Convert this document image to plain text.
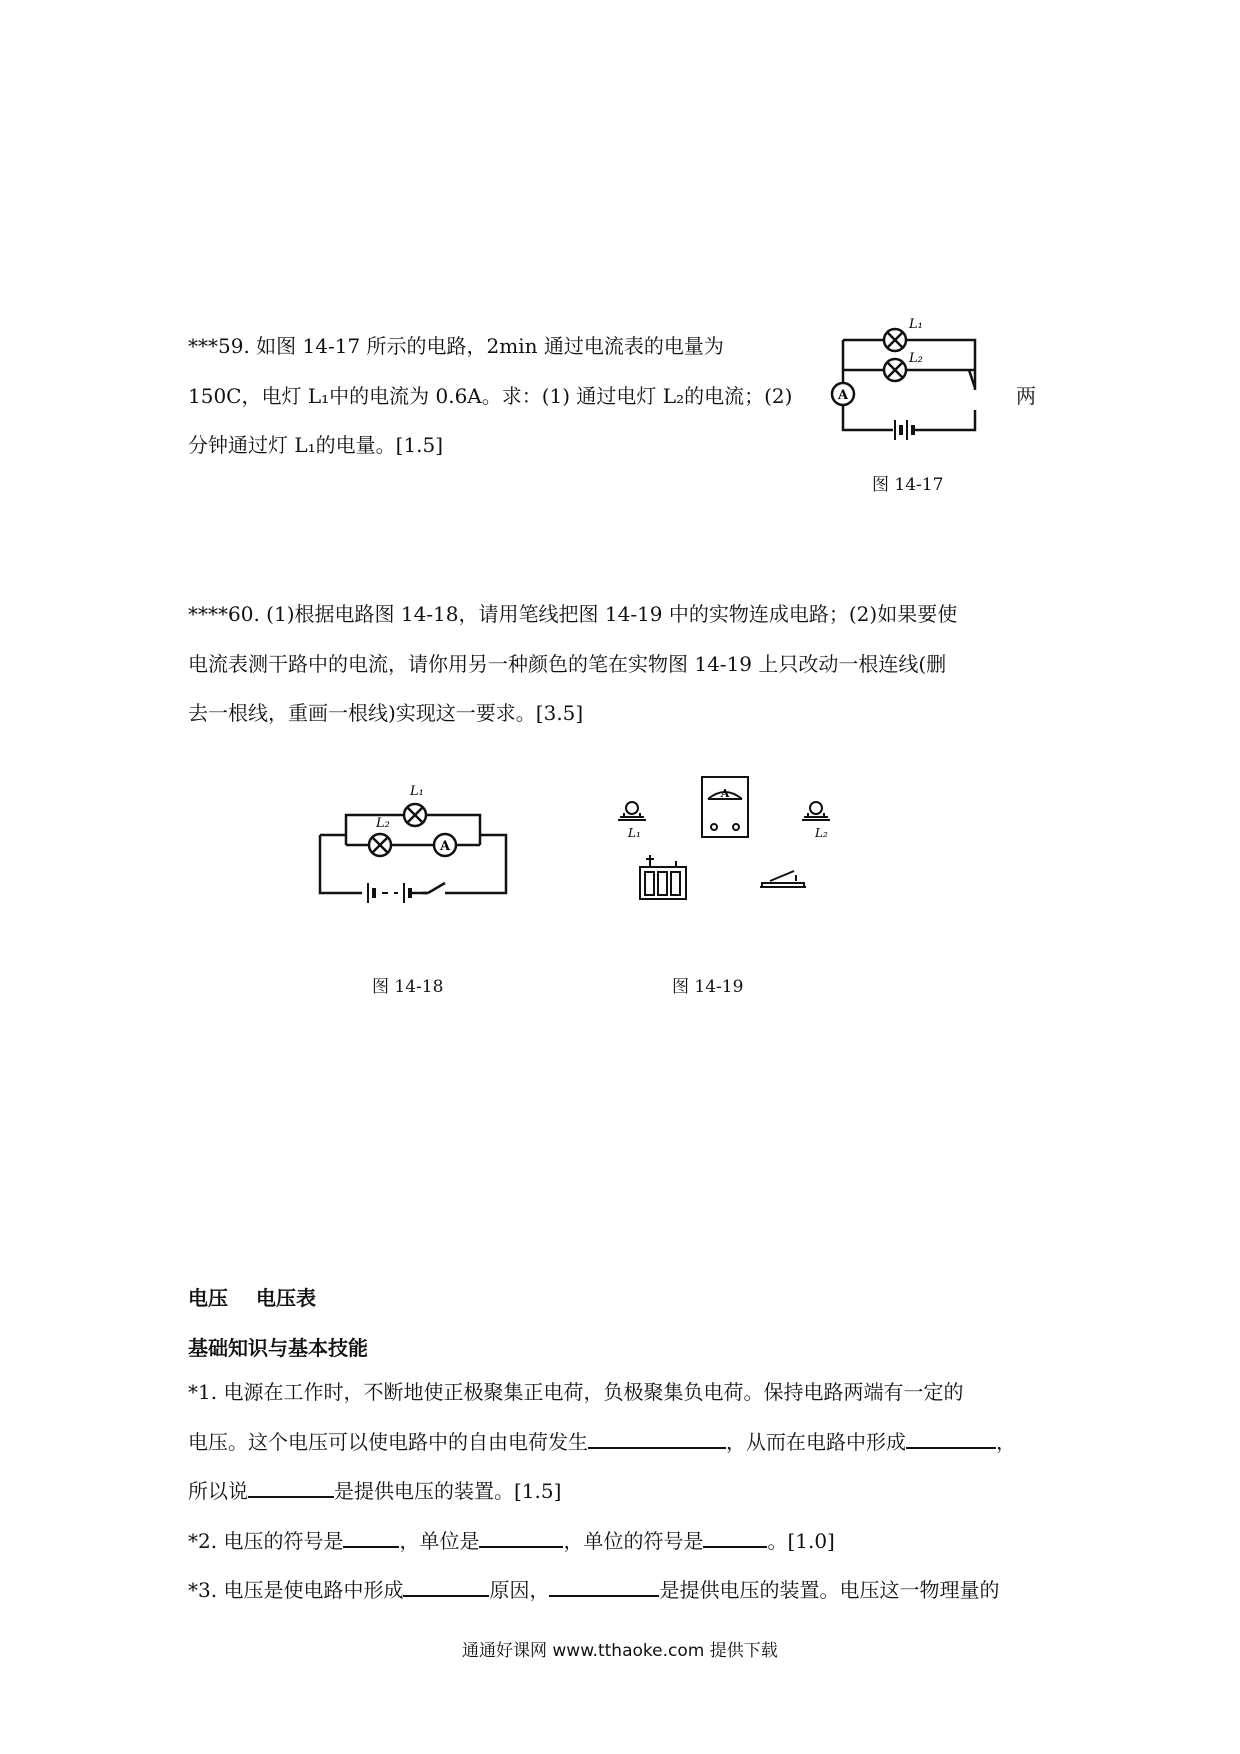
***59. 如图 14-17 所示的电路，2min 通过电流表的电量为
150C，电灯 L₁中的电流为 0.6A。求：(1) 通过电灯 L₂的电流；(2)	两
分钟通过灯 L₁的电量。[1.5]
A
L₁
L₂
图 14-17
****60. (1)根据电路图 14-18，请用笔线把图 14-19 中的实物连成电路；(2)如果要使
电流表测干路中的电流，请你用另一种颜色的笔在实物图 14-19 上只改动一根连线(删
去一根线，重画一根线)实现这一要求。[3.5]
A
L₁
L₂
图 14-18
L₁
A
L₂
图 14-19
电压 电压表
基础知识与基本技能
*1. 电源在工作时，不断地使正极聚集正电荷，负极聚集负电荷。保持电路两端有一定的
电压。这个电压可以使电路中的自由电荷发生	，从而在电路中形成	，
所以说	是提供电压的装置。[1.5]
*2. 电压的符号是	，单位是	，单位的符号是	。[1.0]
*3. 电压是使电路中形成	原因，	是提供电压的装置。电压这一物理量的
通通好课网 www.tthaoke.com 提供下载
